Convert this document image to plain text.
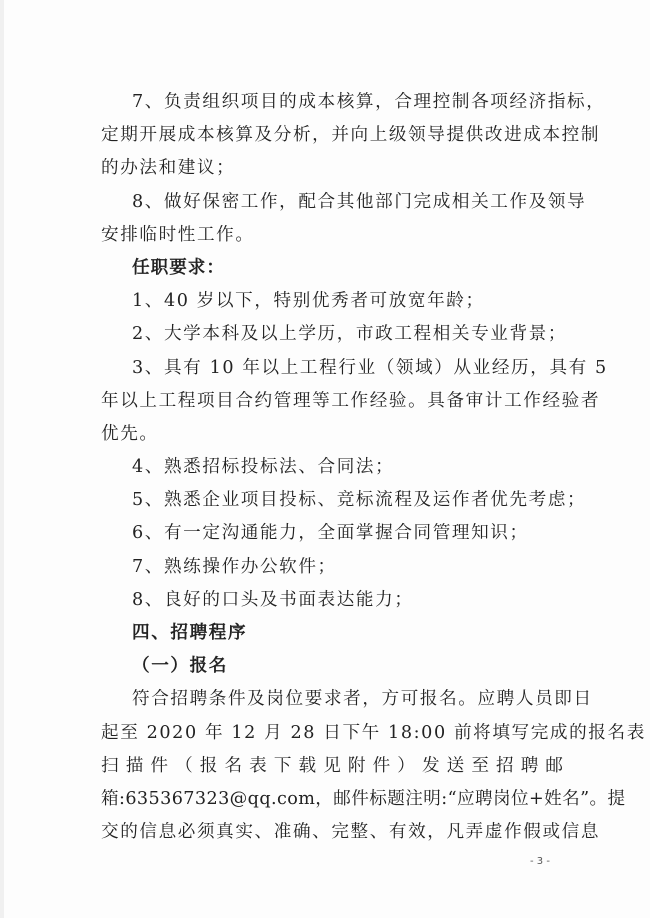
7、负责组织项目的成本核算，合理控制各项经济指标，
定期开展成本核算及分析，并向上级领导提供改进成本控制
的办法和建议；
8、做好保密工作，配合其他部门完成相关工作及领导
安排临时性工作。
任职要求：
1、40 岁以下，特别优秀者可放宽年龄；
2、大学本科及以上学历，市政工程相关专业背景；
3、具有 10 年以上工程行业（领域）从业经历，具有 5
年以上工程项目合约管理等工作经验。具备审计工作经验者
优先。
4、熟悉招标投标法、合同法；
5、熟悉企业项目投标、竞标流程及运作者优先考虑；
6、有一定沟通能力，全面掌握合同管理知识；
7、熟练操作办公软件；
8、良好的口头及书面表达能力；
四、招聘程序
（一）报名
符合招聘条件及岗位要求者，方可报名。应聘人员即日
起至 2020 年 12 月 28 日下午 18:00 前将填写完成的报名表
扫描件（报名表下载见附件）发送至招聘邮
箱:635367323@qq.com，邮件标题注明:“应聘岗位+姓名”。提
交的信息必须真实、准确、完整、有效，凡弄虚作假或信息
- 3 -
